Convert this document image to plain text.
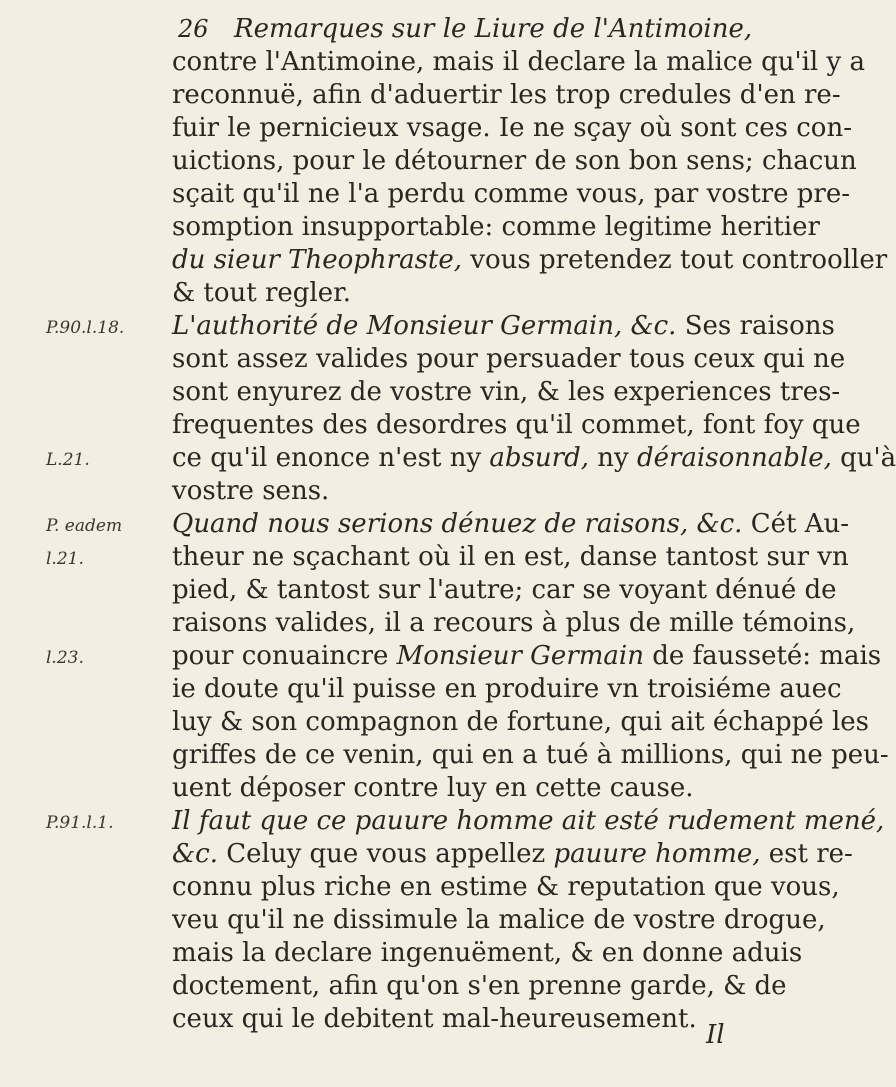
26 Remarques sur le Liure de l'Antimoine,
contre l'Antimoine, mais il declare la malice qu'il y a
reconnuë, afin d'aduertir les trop credules d'en re-
fuir le pernicieux vsage. Ie ne sçay où sont ces con-
uictions, pour le détourner de son bon sens; chacun
sçait qu'il ne l'a perdu comme vous, par vostre pre-
somption insupportable: comme legitime heritier
du sieur Theophraste, vous pretendez tout controoller
& tout regler.
L'authorité de Monsieur Germain, &c. Ses raisons
sont assez valides pour persuader tous ceux qui ne
sont enyurez de vostre vin, & les experiences tres-
frequentes des desordres qu'il commet, font foy que
ce qu'il enonce n'est ny absurd, ny déraisonnable, qu'à
vostre sens.
Quand nous serions dénuez de raisons, &c. Cét Au-
theur ne sçachant où il en est, danse tantost sur vn
pied, & tantost sur l'autre; car se voyant dénué de
raisons valides, il a recours à plus de mille témoins,
pour conuaincre Monsieur Germain de fausseté: mais
ie doute qu'il puisse en produire vn troisiéme auec
luy & son compagnon de fortune, qui ait échappé les
griffes de ce venin, qui en a tué à millions, qui ne peu-
uent déposer contre luy en cette cause.
Il faut que ce pauure homme ait esté rudement mené,
&c. Celuy que vous appellez pauure homme, est re-
connu plus riche en estime & reputation que vous,
veu qu'il ne dissimule la malice de vostre drogue,
mais la declare ingenuëment, & en donne aduis
doctement, afin qu'on s'en prenne garde, & de
ceux qui le debitent mal-heureusement.
P.90.l.18.
L.21.
P. eadem
l.21.
l.23.
P.91.l.1.
Il
